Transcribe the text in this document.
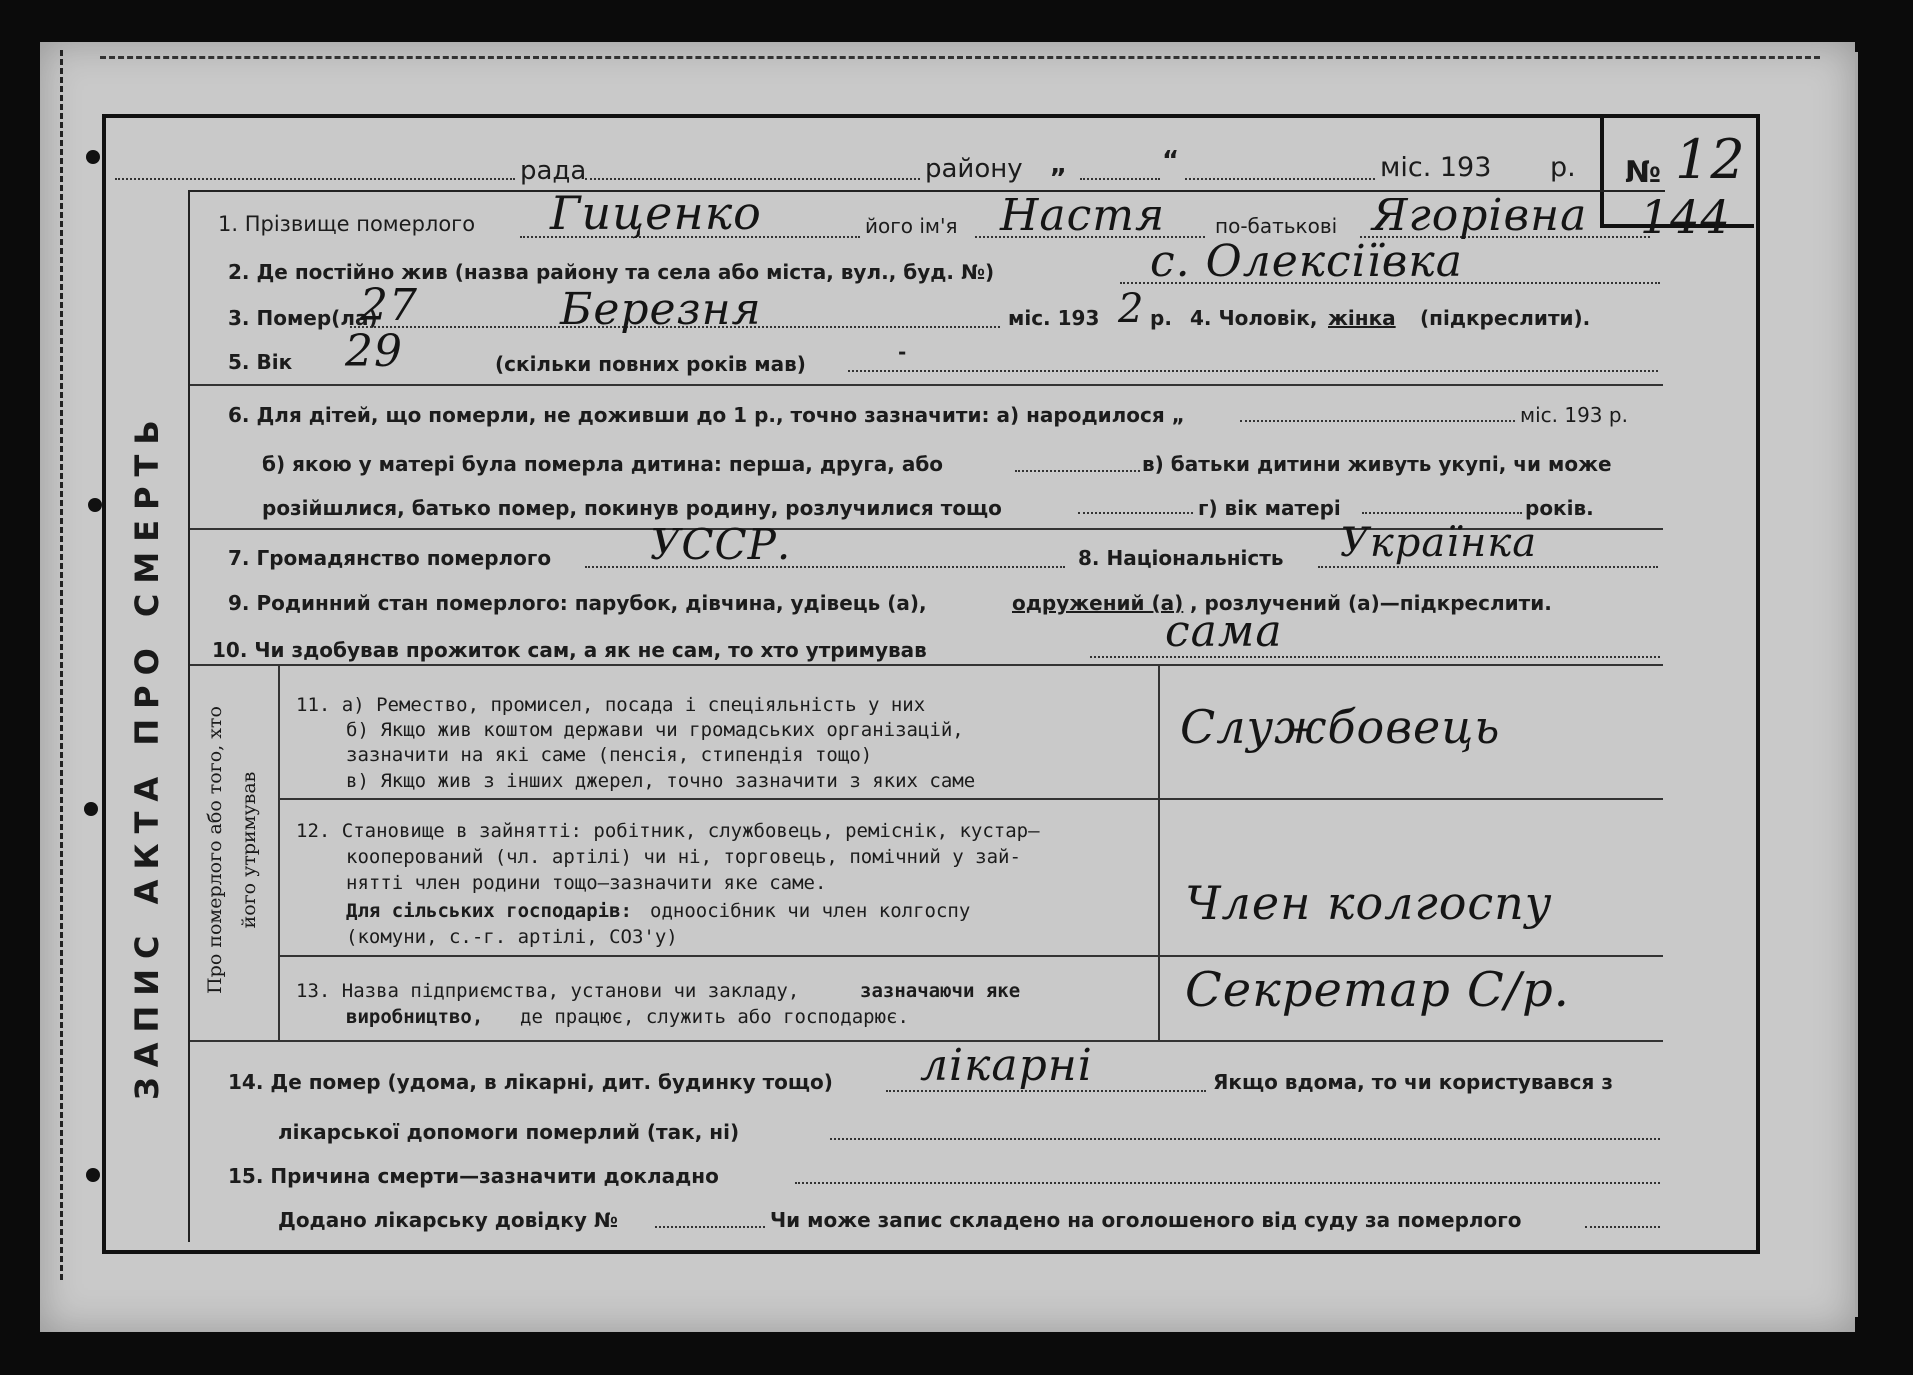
ЗАПИС АКТА ПРО СМЕРТЬ
рада	району „	“	міс. 193 р. № 12
144
1. Прізвище померлого Гиценко	його ім'я Настя по-батькові Ягорівна
2. Де постійно жив (назва району та села або міста, вул., буд. №)	с. Олексіївка
3. Помер(ла)
27	Березня	міс. 193 2 р. 4. Чоловік, жінка (підкреслити).
5. Вік 29	(скільки повних років мав)	-
6. Для дітей, що померли, не доживши до 1 р., точно зазначити: а) народилося „	міс. 193 р.
б) якою у матері була померла дитина: перша, друга, або	в) батьки дитини живуть укупі, чи може
розійшлися, батько помер, покинув родину, розлучилися тощо	г) вік матері	років.
7. Громадянство померлого УССР.	8. Національність Українка
9. Родинний стан померлого: парубок, дівчина, удівець (а),	одружений (а) , розлучений (а)—підкреслити.
10. Чи здобував прожиток сам, а як не сам, то хто утримував	сама
Про померлого або того, хто його утримував
11. а) Ремество, промисел, посада і спеціяльність у них
б) Якщо жив коштом держави чи громадських організацій,
зазначити на які саме (пенсія, стипендія тощо)
в) Якщо жив з інших джерел, точно зазначити з яких саме
Службовець
12. Становище в зайнятті: робітник, службовець, реміснік, кустар—
кооперований (чл. артілі) чи ні, торговець, помічний у зай-
нятті член родини тощо—зазначити яке саме.
Для сільських господарів: одноосібник чи член колгоспу
(комуни, с.-г. артілі, СОЗ'у)
Член колгоспу
13. Назва підприємства, установи чи закладу,	зазначаючи яке
виробництво, де працює, служить або господарює.	Секретар С/р.
14. Де помер (удома, в лікарні, дит. будинку тощо) лікарні	Якщо вдома, то чи користувався з
лікарської допомоги померлий (так, ні)
15. Причина смерти—зазначити докладно
Додано лікарську довідку №	Чи може запис складено на оголошеного від суду за померлого
